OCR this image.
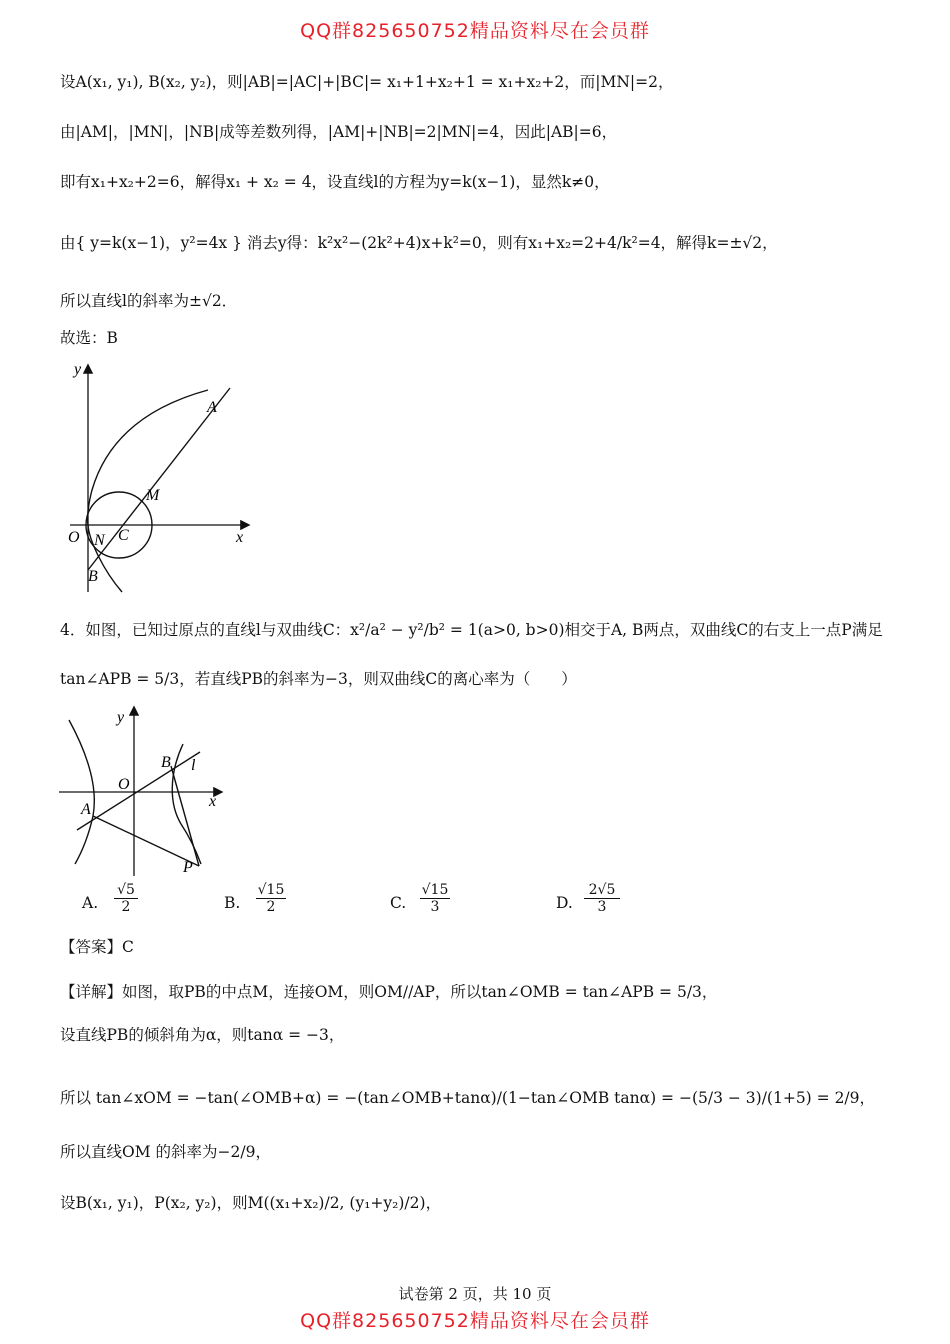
QQ群825650752精品资料尽在会员群
设A(x₁, y₁), B(x₂, y₂)，则|AB|=|AC|+|BC|= x₁+1+x₂+1 = x₁+x₂+2，而|MN|=2，
由|AM|，|MN|，|NB|成等差数列得，|AM|+|NB|=2|MN|=4，因此|AB|=6，
即有x₁+x₂+2=6，解得x₁ + x₂ = 4，设直线l的方程为y=k(x−1)，显然k≠0，
由{ y=k(x−1)，y²=4x } 消去y得：k²x²−(2k²+4)x+k²=0，则有x₁+x₂=2+4/k²=4，解得k=±√2，
所以直线l的斜率为±√2．
故选：B
y
x
O N C
M
A
B
4．如图，已知过原点的直线l与双曲线C：x²/a² − y²/b² = 1(a>0, b>0)相交于A, B两点，双曲线C的右支上一点P满足
tan∠APB = 5/3，若直线PB的斜率为−3，则双曲线C的离心率为（　　）
y
x
O
A
B l
P
A. $\frac{√5}{2}$	B. $\frac{√15}{2}$	C. $\frac{√15}{3}$	D. $\frac{2√5}{3}$
【答案】C
【详解】如图，取PB的中点M，连接OM，则OM//AP，所以tan∠OMB = tan∠APB = 5/3，
设直线PB的倾斜角为α，则tanα = −3，
所以 tan∠xOM = −tan(∠OMB+α) = −(tan∠OMB+tanα)/(1−tan∠OMB tanα) = −(5/3 − 3)/(1+5) = 2/9，
所以直线OM 的斜率为−2/9，
设B(x₁, y₁)，P(x₂, y₂)，则M((x₁+x₂)/2, (y₁+y₂)/2)，
试卷第 2 页，共 10 页
QQ群825650752精品资料尽在会员群
